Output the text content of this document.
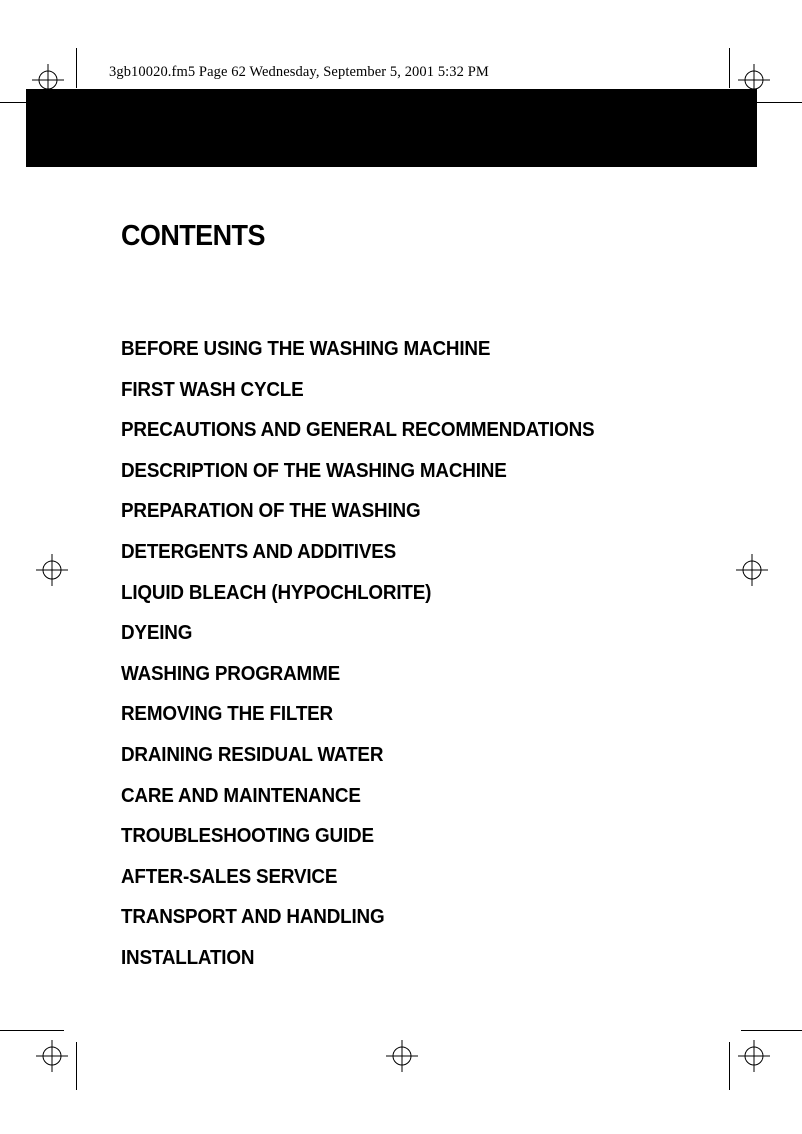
3gb10020.fm5 Page 62 Wednesday, September 5, 2001 5:32 PM
CONTENTS
BEFORE USING THE WASHING MACHINE
FIRST WASH CYCLE
PRECAUTIONS AND GENERAL RECOMMENDATIONS
DESCRIPTION OF THE WASHING MACHINE
PREPARATION OF THE WASHING
DETERGENTS AND ADDITIVES
LIQUID BLEACH (HYPOCHLORITE)
DYEING
WASHING PROGRAMME
REMOVING THE FILTER
DRAINING RESIDUAL WATER
CARE AND MAINTENANCE
TROUBLESHOOTING GUIDE
AFTER-SALES SERVICE
TRANSPORT AND HANDLING
INSTALLATION
